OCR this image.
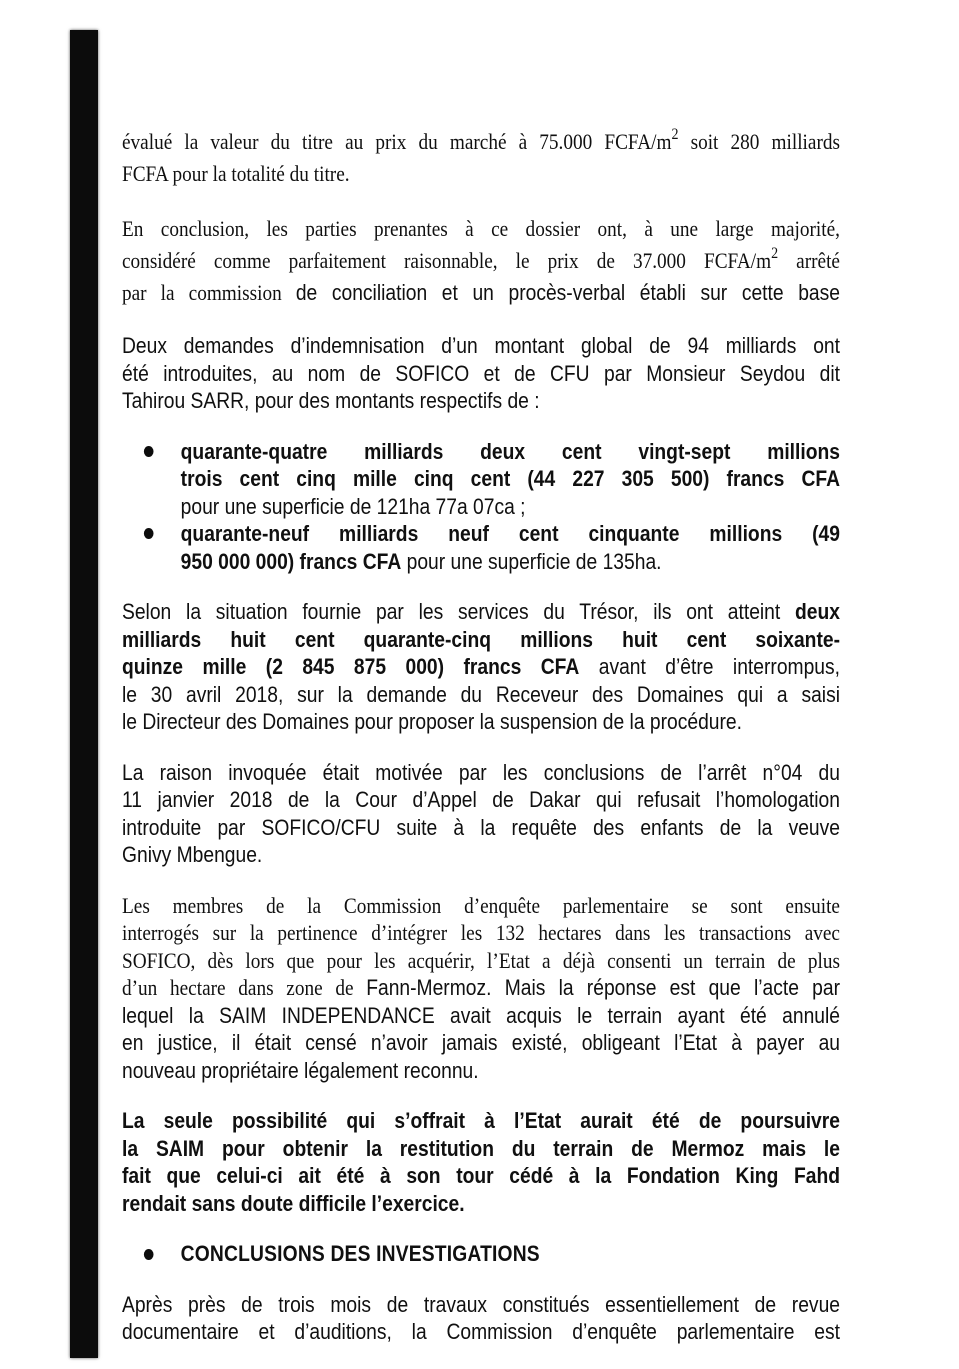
évalué la valeur du titre au prix du marché à 75.000 FCFA/$m^2$ soit 280 milliards
FCFA pour la totalité du titre.
En conclusion, les parties prenantes à ce dossier ont, à une large majorité,
considéré comme parfaitement raisonnable, le prix de 37.000 FCFA/$m^2$ arrêté
par la commission de conciliation et un procès-verbal établi sur cette base
Deux demandes d’indemnisation d’un montant global de 94 milliards ont
été introduites, au nom de SOFICO et de CFU par Monsieur Seydou dit
Tahirou SARR, pour des montants respectifs de :
quarante-quatre milliards deux cent vingt-sept millions
trois cent cinq mille cinq cent (44 227 305 500) francs CFA
pour une superficie de 121ha 77a 07ca ;
quarante-neuf milliards neuf cent cinquante millions (49
950 000 000) francs CFA pour une superficie de 135ha.
Selon la situation fournie par les services du Trésor, ils ont atteint deux
milliards huit cent quarante-cinq millions huit cent soixante-
quinze mille (2 845 875 000) francs CFA avant d’être interrompus,
le 30 avril 2018, sur la demande du Receveur des Domaines qui a saisi
le Directeur des Domaines pour proposer la suspension de la procédure.
La raison invoquée était motivée par les conclusions de l’arrêt n°04 du
11 janvier 2018 de la Cour d’Appel de Dakar qui refusait l’homologation
introduite par SOFICO/CFU suite à la requête des enfants de la veuve
Gnivy Mbengue.
Les membres de la Commission d’enquête parlementaire se sont ensuite
interrogés sur la pertinence d’intégrer les 132 hectares dans les transactions avec
SOFICO, dès lors que pour les acquérir, l’Etat a déjà consenti un terrain de plus
d’un hectare dans zone de Fann-Mermoz. Mais la réponse est que l’acte par
lequel la SAIM INDEPENDANCE avait acquis le terrain ayant été annulé
en justice, il était censé n’avoir jamais existé, obligeant l’Etat à payer au
nouveau propriétaire légalement reconnu.
La seule possibilité qui s’offrait à l’Etat aurait été de poursuivre
la SAIM pour obtenir la restitution du terrain de Mermoz mais le
fait que celui-ci ait été à son tour cédé à la Fondation King Fahd
rendait sans doute difficile l’exercice.
CONCLUSIONS DES INVESTIGATIONS
Après près de trois mois de travaux constitués essentiellement de revue
documentaire et d’auditions, la Commission d’enquête parlementaire est
